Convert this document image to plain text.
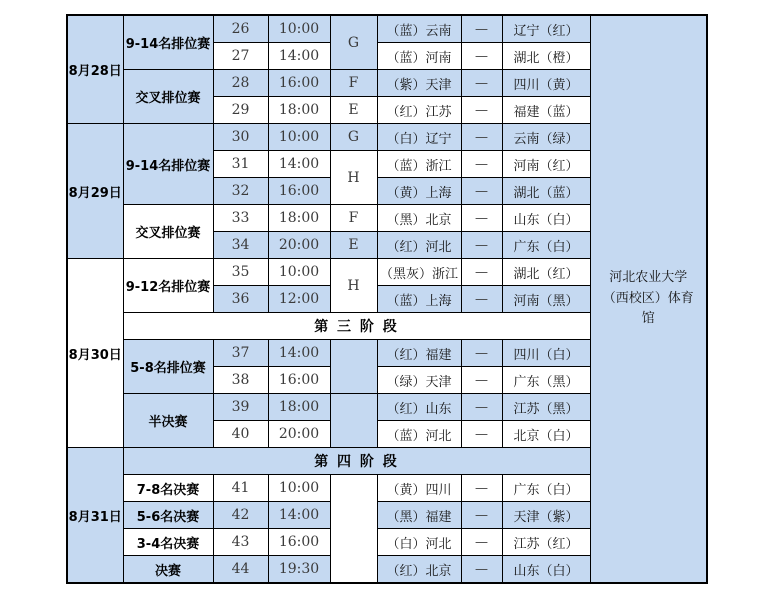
8月28日	9-14名排位赛	26	10:00	G	（蓝）云南	—	辽宁（红）	河北农业大学（西校区）体育馆
		27	14:00		（蓝）河南	—	湖北（橙）	
	交叉排位赛	28	16:00	F	（紫）天津	—	四川（黄）	
		29	18:00	E	（红）江苏	—	福建（蓝）	
8月29日	9-14名排位赛	30	10:00	G	（白）辽宁	—	云南（绿）	
		31	14:00	H	（蓝）浙江	—	河南（红）	
		32	16:00		（黄）上海	—	湖北（蓝）	
	交叉排位赛	33	18:00	F	（黑）北京	—	山东（白）	
		34	20:00	E	（红）河北	—	广东（白）	
8月30日	9-12名排位赛	35	10:00	H	（黑灰）浙江	—	湖北（红）	
		36	12:00		（蓝）上海	—	河南（黑）	
	第 三 阶 段							
	5-8名排位赛	37	14:00		（红）福建	—	四川（白）	
		38	16:00		（绿）天津	—	广东（黑）	
	半决赛	39	18:00		（红）山东	—	江苏（黑）	
		40	20:00		（蓝）河北	—	北京（白）	
8月31日	第 四 阶 段							
	7-8名决赛	41	10:00		（黄）四川	—	广东（白）	
	5-6名决赛	42	14:00		（黑）福建	—	天津（紫）	
	3-4名决赛	43	16:00		（白）河北	—	江苏（红）	
	决赛	44	19:30		（红）北京	—	山东（白）	
